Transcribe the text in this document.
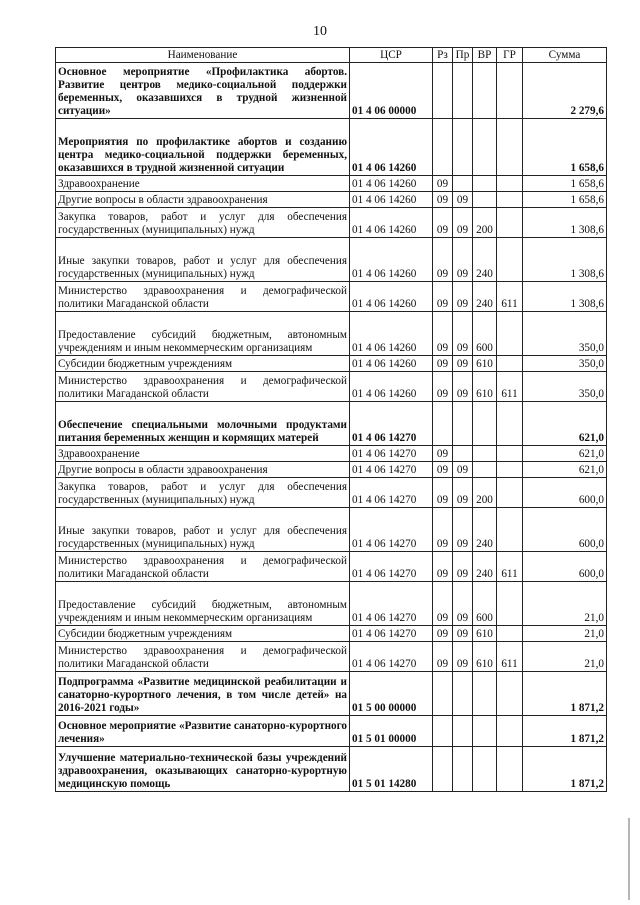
10
Наименование	ЦСР	Рз	Пр	ВР	ГР	Сумма
Основное мероприятие «Профилактика абортов. Развитие центров медико-социальной поддержки беременных, оказавшихся в трудной жизненной ситуации»	01 4 06 00000					2 279,6
Мероприятия по профилактике абортов и созданию центра медико-социальной поддержки беременных, оказавшихся в трудной жизненной ситуации	01 4 06 14260					1 658,6
Здравоохранение	01 4 06 14260	09				1 658,6
Другие вопросы в области здравоохранения	01 4 06 14260	09	09			1 658,6
Закупка товаров, работ и услуг для обеспечения государственных (муниципальных) нужд	01 4 06 14260	09	09	200		1 308,6
Иные закупки товаров, работ и услуг для обеспечения государственных (муниципальных) нужд	01 4 06 14260	09	09	240		1 308,6
Министерство здравоохранения и демографической политики Магаданской области	01 4 06 14260	09	09	240	611	1 308,6
Предоставление субсидий бюджетным, автономным учреждениям и иным некоммерческим организациям	01 4 06 14260	09	09	600		350,0
Субсидии бюджетным учреждениям	01 4 06 14260	09	09	610		350,0
Министерство здравоохранения и демографической политики Магаданской области	01 4 06 14260	09	09	610	611	350,0
Обеспечение специальными молочными продуктами питания беременных женщин и кормящих матерей	01 4 06 14270					621,0
Здравоохранение	01 4 06 14270	09				621,0
Другие вопросы в области здравоохранения	01 4 06 14270	09	09			621,0
Закупка товаров, работ и услуг для обеспечения государственных (муниципальных) нужд	01 4 06 14270	09	09	200		600,0
Иные закупки товаров, работ и услуг для обеспечения государственных (муниципальных) нужд	01 4 06 14270	09	09	240		600,0
Министерство здравоохранения и демографической политики Магаданской области	01 4 06 14270	09	09	240	611	600,0
Предоставление субсидий бюджетным, автономным учреждениям и иным некоммерческим организациям	01 4 06 14270	09	09	600		21,0
Субсидии бюджетным учреждениям	01 4 06 14270	09	09	610		21,0
Министерство здравоохранения и демографической политики Магаданской области	01 4 06 14270	09	09	610	611	21,0
Подпрограмма «Развитие медицинской реабилитации и санаторно-курортного лечения, в том числе детей» на 2016-2021 годы»	01 5 00 00000					1 871,2
Основное мероприятие «Развитие санаторно-курортного лечения»	01 5 01 00000					1 871,2
Улучшение материально-технической базы учреждений здравоохранения, оказывающих санаторно-курортную медицинскую помощь	01 5 01 14280					1 871,2
